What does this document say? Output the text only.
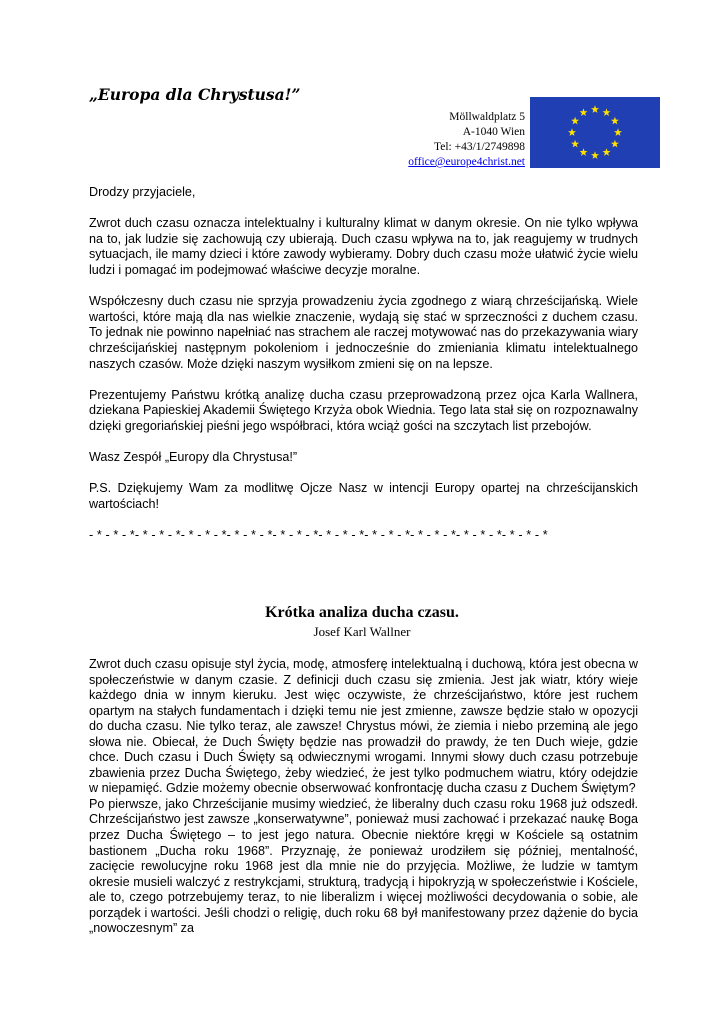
„Europa dla Chrystusa!”
Möllwaldplatz 5
A-1040 Wien
Tel: +43/1/2749898
office@europe4christ.net

Drodzy przyjaciele,

Zwrot duch czasu oznacza intelektualny i kulturalny klimat w danym okresie. On nie tylko wpływa na to, jak ludzie się zachowują czy ubierają. Duch czasu wpływa na to, jak reagujemy w trudnych sytuacjach, ile mamy dzieci i które zawody wybieramy. Dobry duch czasu może ułatwić życie wielu ludzi i pomagać im podejmować właściwe decyzje moralne.

Współczesny duch czasu nie sprzyja prowadzeniu życia zgodnego z wiarą chrześcijańską. Wiele wartości, które mają dla nas wielkie znaczenie, wydają się stać w sprzeczności z duchem czasu. To jednak nie powinno napełniać nas strachem ale raczej motywować nas do przekazywania wiary chrześcijańskiej następnym pokoleniom i jednocześnie do zmieniania klimatu intelektualnego naszych czasów. Może dzięki naszym wysiłkom zmieni się on na lepsze.

Prezentujemy Państwu krótką analizę ducha czasu przeprowadzoną przez ojca Karla Wallnera, dziekana Papieskiej Akademii Świętego Krzyża obok Wiednia. Tego lata stał się on rozpoznawalny dzięki gregoriańskiej pieśni jego współbraci, która wciąż gości na szczytach list przebojów.

Wasz Zespół „Europy dla Chrystusa!”

P.S. Dziękujemy Wam za modlitwę Ojcze Nasz w intencji Europy opartej na chrześcijanskich wartościach!

- * - * - *- * - * - *- * - * - *- * - * - *- * - * - *- * - * - *- * - * - *- * - * - *- * - * - *- * - * - *

Krótka analiza ducha czasu.
Josef Karl Wallner

Zwrot duch czasu opisuje styl życia, modę, atmosferę intelektualną i duchową, która jest obecna w społeczeństwie w danym czasie. Z definicji duch czasu się zmienia. Jest jak wiatr, który wieje każdego dnia w innym kieruku. Jest więc oczywiste, że chrześcijaństwo, które jest ruchem opartym na stałych fundamentach i dzięki temu nie jest zmienne, zawsze będzie stało w opozycji do ducha czasu. Nie tylko teraz, ale zawsze! Chrystus mówi, że ziemia i niebo przeminą ale jego słowa nie. Obiecał, że Duch Święty będzie nas prowadził do prawdy, że ten Duch wieje, gdzie chce. Duch czasu i Duch Święty są odwiecznymi wrogami. Innymi słowy duch czasu potrzebuje zbawienia przez Ducha Świętego, żeby wiedzieć, że jest tylko podmuchem wiatru, który odejdzie w niepamięć. Gdzie możemy obecnie obserwować konfrontację ducha czasu z Duchem Świętym?

Po pierwsze, jako Chrześcijanie musimy wiedzieć, że liberalny duch czasu roku 1968 już odszedł. Chrześcijaństwo jest zawsze „konserwatywne”, ponieważ musi zachować i przekazać naukę Boga przez Ducha Świętego – to jest jego natura. Obecnie niektóre kręgi w Kościele są ostatnim bastionem „Ducha roku 1968”. Przyznaję, że ponieważ urodziłem się później, mentalność, zacięcie rewolucyjne roku 1968 jest dla mnie nie do przyjęcia. Możliwe, że ludzie w tamtym okresie musieli walczyć z restrykcjami, strukturą, tradycją i hipokryzją w społeczeństwie i Kościele, ale to, czego potrzebujemy teraz, to nie liberalizm i więcej możliwości decydowania o sobie, ale porządek i wartości. Jeśli chodzi o religię, duch roku 68 był manifestowany przez dążenie do bycia „nowoczesnym” za
